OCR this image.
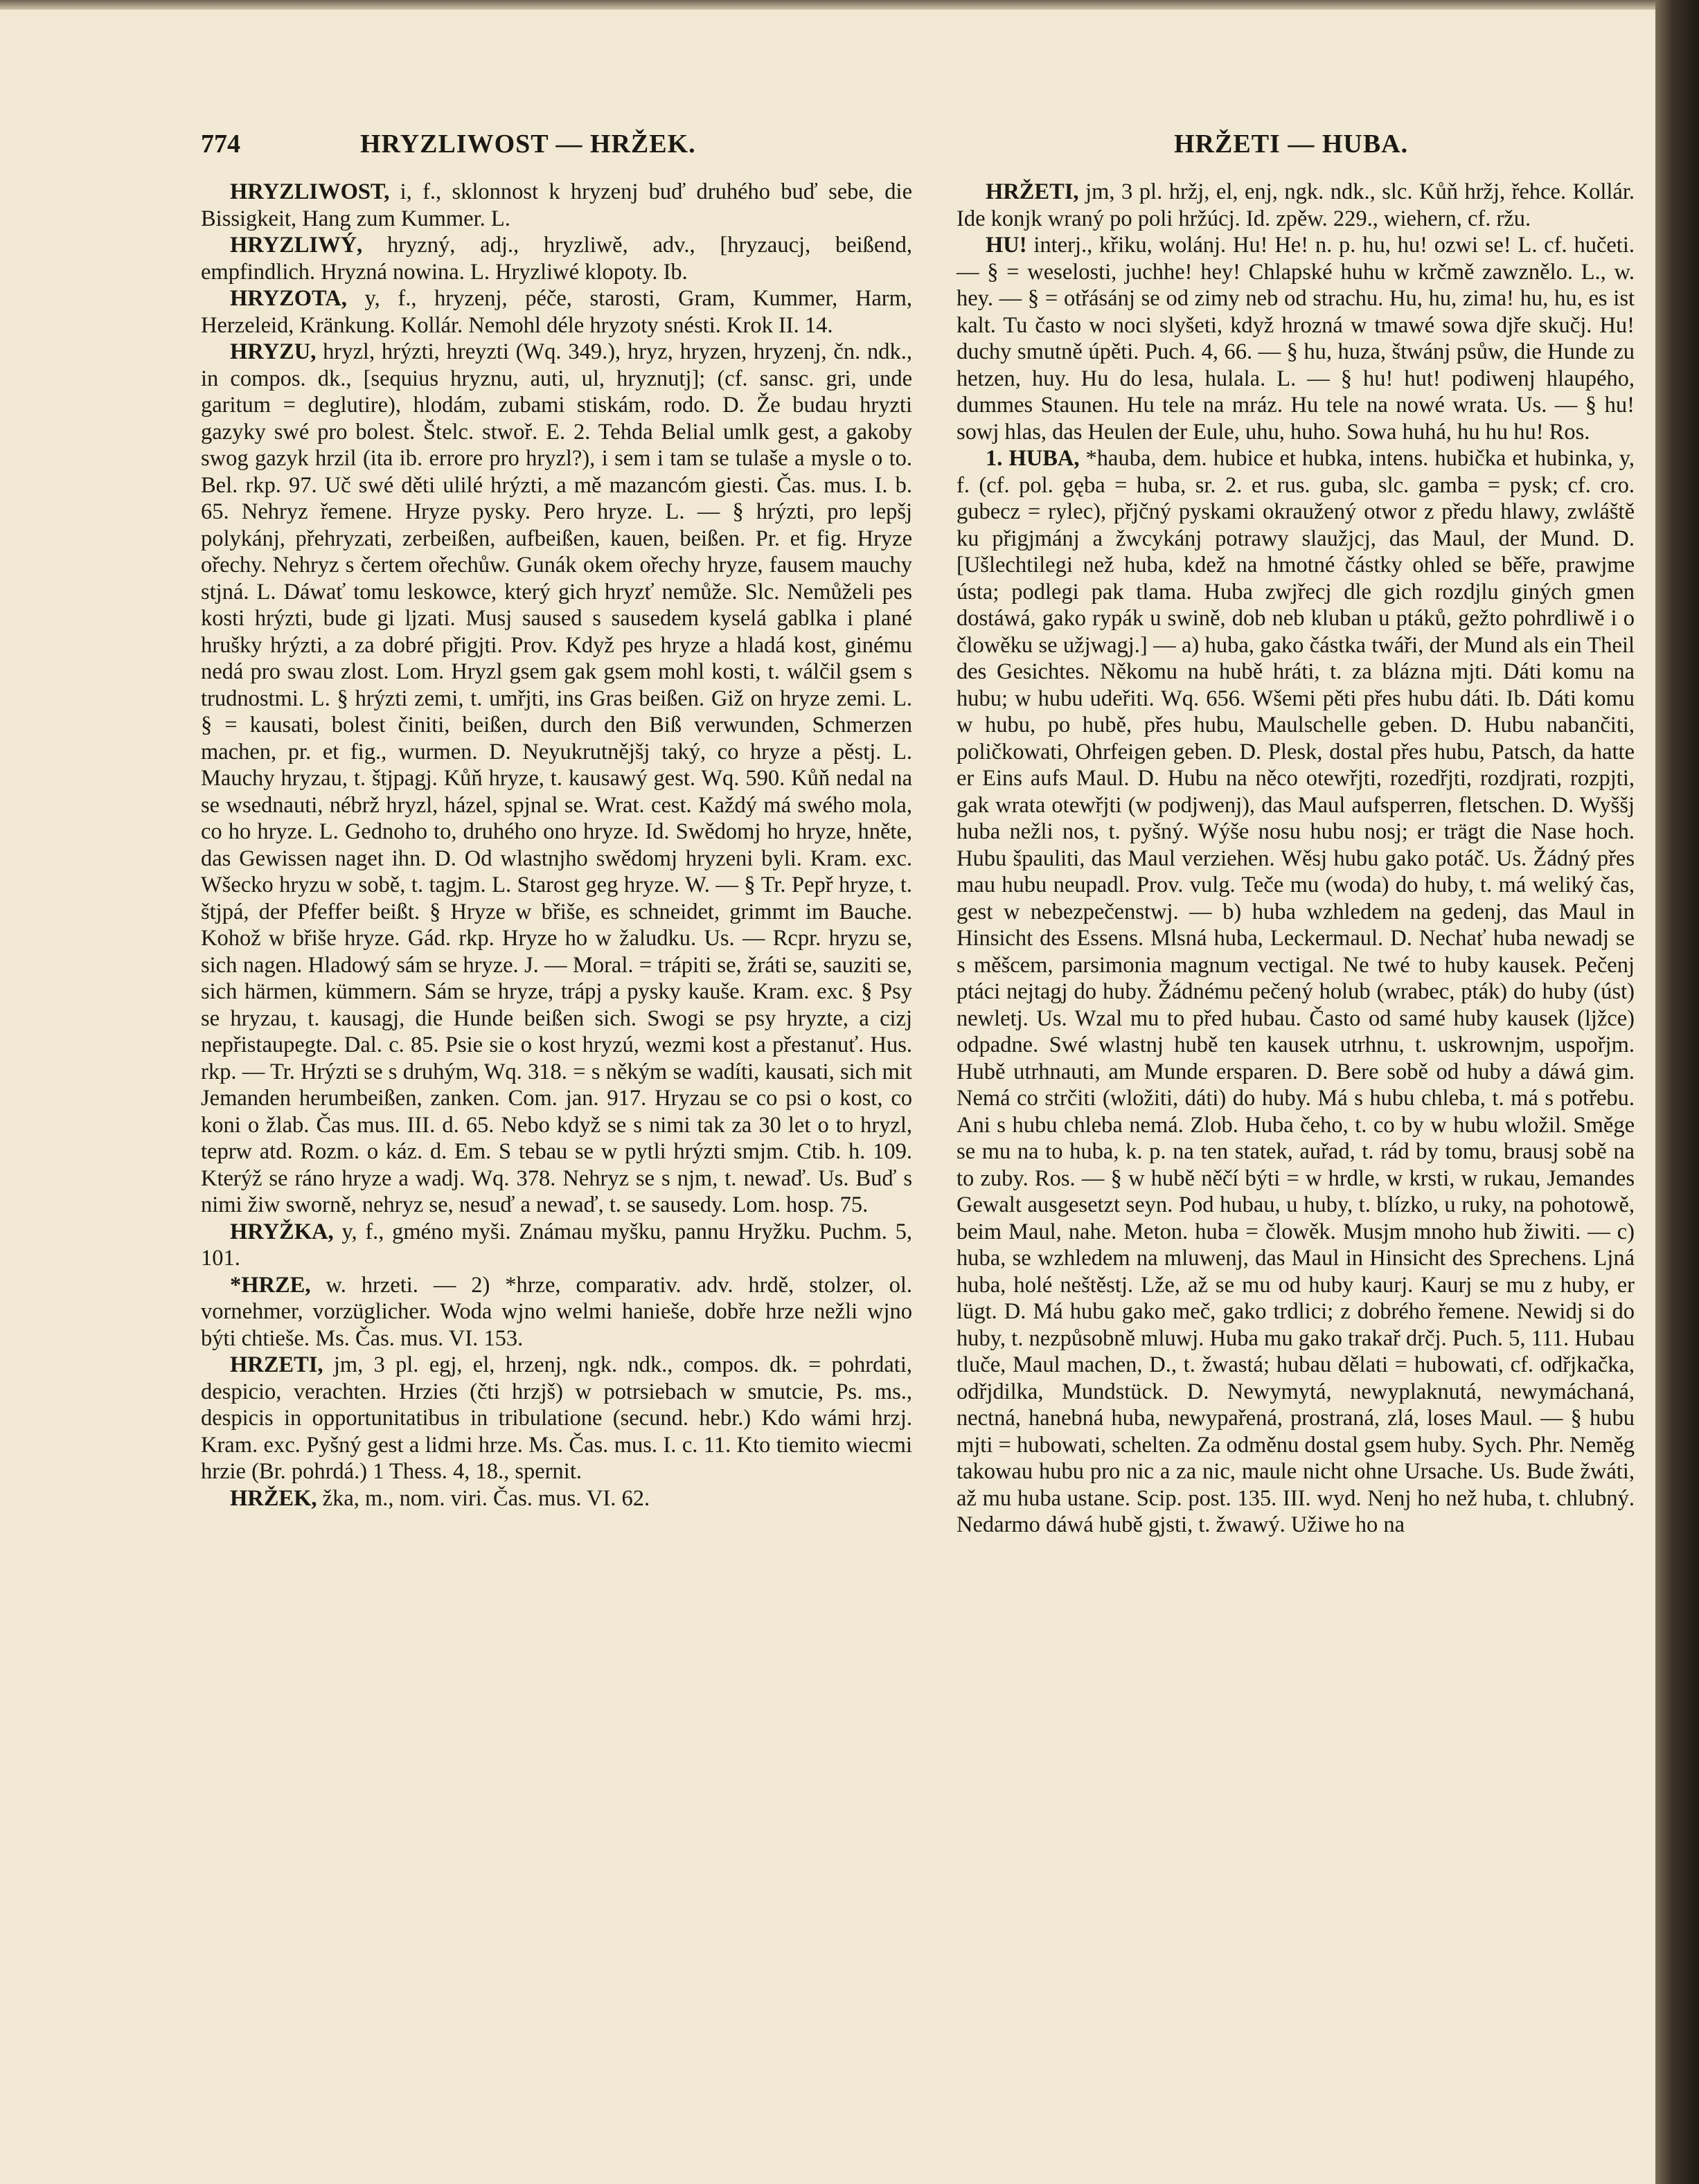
774	HRYZLIWOST — HRŽEK.	HRŽETI — HUBA.

HRYZLIWOST, i, f., sklonnost k hryzenj buď druhého buď sebe, die Bissigkeit, Hang zum Kummer. L.

HRYZLIWÝ, hryzný, adj., hryzliwě, adv., [hryzaucj, beißend, empfindlich. Hryzná nowina. L. Hryzliwé klopoty. Ib.

HRYZOTA, y, f., hryzenj, péče, starosti, Gram, Kummer, Harm, Herzeleid, Kränkung. Kollár. Nemohl déle hryzoty snésti. Krok II. 14.

HRYZU, hryzl, hrýzti, hreyzti (Wq. 349.), hryz, hryzen, hryzenj, čn. ndk., in compos. dk., [sequius hryznu, auti, ul, hryznutj]; (cf. sansc. gri, unde garitum = deglutire), hlodám, zubami stiskám, rodo. D. Že budau hryzti gazyky swé pro bolest. Štelc. stwoř. E. 2. Tehda Belial umlk gest, a gakoby swog gazyk hrzil (ita ib. errore pro hryzl?), i sem i tam se tulaše a mysle o to. Bel. rkp. 97. Uč swé děti ulilé hrýzti, a mě mazancóm giesti. Čas. mus. I. b. 65. Nehryz řemene. Hryze pysky. Pero hryze. L. — § hrýzti, pro lepšj polykánj, přehryzati, zerbeißen, aufbeißen, kauen, beißen. Pr. et fig. Hryze ořechy. Nehryz s čertem ořechůw. Gunák okem ořechy hryze, fausem mauchy stjná. L. Dáwať tomu leskowce, který gich hryzť nemůže. Slc. Nemůželi pes kosti hrýzti, bude gi ljzati. Musj saused s sausedem kyselá gablka i plané hrušky hrýzti, a za dobré přigjti. Prov. Když pes hryze a hladá kost, ginému nedá pro swau zlost. Lom. Hryzl gsem gak gsem mohl kosti, t. wálčil gsem s trudnostmi. L. § hrýzti zemi, t. umřjti, ins Gras beißen. Giž on hryze zemi. L. § = kausati, bolest činiti, beißen, durch den Biß verwunden, Schmerzen machen, pr. et fig., wurmen. D. Neyukrutnějšj taký, co hryze a pěstj. L. Mauchy hryzau, t. štjpagj. Kůň hryze, t. kausawý gest. Wq. 590. Kůň nedal na se wsednauti, nébrž hryzl, házel, spjnal se. Wrat. cest. Každý má swého mola, co ho hryze. L. Gednoho to, druhého ono hryze. Id. Swědomj ho hryze, hněte, das Gewissen naget ihn. D. Od wlastnjho swědomj hryzeni byli. Kram. exc. Wšecko hryzu w sobě, t. tagjm. L. Starost geg hryze. W. — § Tr. Pepř hryze, t. štjpá, der Pfeffer beißt. § Hryze w břiše, es schneidet, grimmt im Bauche. Kohož w břiše hryze. Gád. rkp. Hryze ho w žaludku. Us. — Rcpr. hryzu se, sich nagen. Hladowý sám se hryze. J. — Moral. = trápiti se, žráti se, sauziti se, sich härmen, kümmern. Sám se hryze, trápj a pysky kauše. Kram. exc. § Psy se hryzau, t. kausagj, die Hunde beißen sich. Swogi se psy hryzte, a cizj nepřistaupegte. Dal. c. 85. Psie sie o kost hryzú, wezmi kost a přestanuť. Hus. rkp. — Tr. Hrýzti se s druhým, Wq. 318. = s někým se wadíti, kausati, sich mit Jemanden herumbeißen, zanken. Com. jan. 917. Hryzau se co psi o kost, co koni o žlab. Čas mus. III. d. 65. Nebo když se s nimi tak za 30 let o to hryzl, teprw atd. Rozm. o káz. d. Em. S tebau se w pytli hrýzti smjm. Ctib. h. 109. Kterýž se ráno hryze a wadj. Wq. 378. Nehryz se s njm, t. newaď. Us. Buď s nimi žiw sworně, nehryz se, nesuď a newaď, t. se sausedy. Lom. hosp. 75.

HRYŽKA, y, f., gméno myši. Známau myšku, pannu Hryžku. Puchm. 5, 101.

*HRZE, w. hrzeti. — 2) *hrze, comparativ. adv. hrdě, stolzer, ol. vornehmer, vorzüglicher. Woda wjno welmi hanieše, dobře hrze nežli wjno býti chtieše. Ms. Čas. mus. VI. 153.

HRZETI, jm, 3 pl. egj, el, hrzenj, ngk. ndk., compos. dk. = pohrdati, despicio, verachten. Hrzies (čti hrzjš) w potrsiebach w smutcie, Ps. ms., despicis in opportunitatibus in tribulatione (secund. hebr.) Kdo wámi hrzj. Kram. exc. Pyšný gest a lidmi hrze. Ms. Čas. mus. I. c. 11. Kto tiemito wiecmi hrzie (Br. pohrdá.) 1 Thess. 4, 18., spernit.

HRŽEK, žka, m., nom. viri. Čas. mus. VI. 62.

HRŽETI, jm, 3 pl. hržj, el, enj, ngk. ndk., slc. Kůň hržj, řehce. Kollár. Ide konjk wraný po poli hržúcj. Id. zpěw. 229., wiehern, cf. ržu.

HU! interj., křiku, wolánj. Hu! He! n. p. hu, hu! ozwi se! L. cf. hučeti. — § = weselosti, juchhe! hey! Chlapské huhu w krčmě zawznělo. L., w. hey. — § = otřásánj se od zimy neb od strachu. Hu, hu, zima! hu, hu, es ist kalt. Tu často w noci slyšeti, když hrozná w tmawé sowa djře skučj. Hu! duchy smutně úpěti. Puch. 4, 66. — § hu, huza, štwánj psůw, die Hunde zu hetzen, huy. Hu do lesa, hulala. L. — § hu! hut! podiwenj hlaupého, dummes Staunen. Hu tele na mráz. Hu tele na nowé wrata. Us. — § hu! sowj hlas, das Heulen der Eule, uhu, huho. Sowa huhá, hu hu hu! Ros.

1. HUBA, *hauba, dem. hubice et hubka, intens. hubička et hubinka, y, f. (cf. pol. gęba = huba, sr. 2. et rus. guba, slc. gamba = pysk; cf. cro. gubecz = rylec), přjčný pyskami okraužený otwor z předu hlawy, zwláště ku přigjmánj a žwcykánj potrawy slaužjcj, das Maul, der Mund. D. [Ušlechtilegi než huba, kdež na hmotné částky ohled se běře, prawjme ústa; podlegi pak tlama. Huba zwjřecj dle gich rozdjlu giných gmen dostáwá, gako rypák u swině, dob neb kluban u ptáků, gežto pohrdliwě i o člowěku se užjwagj.] — a) huba, gako částka twáři, der Mund als ein Theil des Gesichtes. Někomu na hubě hráti, t. za blázna mjti. Dáti komu na hubu; w hubu udeřiti. Wq. 656. Wšemi pěti přes hubu dáti. Ib. Dáti komu w hubu, po hubě, přes hubu, Maulschelle geben. D. Hubu nabančiti, poličkowati, Ohrfeigen geben. D. Plesk, dostal přes hubu, Patsch, da hatte er Eins aufs Maul. D. Hubu na něco otewřjti, rozedřjti, rozdjrati, rozpjti, gak wrata otewřjti (w podjwenj), das Maul aufsperren, fletschen. D. Wyššj huba nežli nos, t. pyšný. Wýše nosu hubu nosj; er trägt die Nase hoch. Hubu špauliti, das Maul verziehen. Wěsj hubu gako potáč. Us. Žádný přes mau hubu neupadl. Prov. vulg. Teče mu (woda) do huby, t. má weliký čas, gest w nebezpečenstwj. — b) huba wzhledem na gedenj, das Maul in Hinsicht des Essens. Mlsná huba, Leckermaul. D. Nechať huba newadj se s měšcem, parsimonia magnum vectigal. Ne twé to huby kausek. Pečenj ptáci nejtagj do huby. Žádnému pečený holub (wrabec, pták) do huby (úst) newletj. Us. Wzal mu to před hubau. Často od samé huby kausek (ljžce) odpadne. Swé wlastnj hubě ten kausek utrhnu, t. uskrownjm, uspořjm. Hubě utrhnauti, am Munde ersparen. D. Bere sobě od huby a dáwá gim. Nemá co strčiti (wložiti, dáti) do huby. Má s hubu chleba, t. má s potřebu. Ani s hubu chleba nemá. Zlob. Huba čeho, t. co by w hubu wložil. Směge se mu na to huba, k. p. na ten statek, auřad, t. rád by tomu, brausj sobě na to zuby. Ros. — § w hubě něčí býti = w hrdle, w krsti, w rukau, Jemandes Gewalt ausgesetzt seyn. Pod hubau, u huby, t. blízko, u ruky, na pohotowě, beim Maul, nahe. Meton. huba = člowěk. Musjm mnoho hub žiwiti. — c) huba, se wzhledem na mluwenj, das Maul in Hinsicht des Sprechens. Ljná huba, holé neštěstj. Lže, až se mu od huby kaurj. Kaurj se mu z huby, er lügt. D. Má hubu gako meč, gako trdlici; z dobrého řemene. Newidj si do huby, t. nezpůsobně mluwj. Huba mu gako trakař drčj. Puch. 5, 111. Hubau tluče, Maul machen, D., t. žwastá; hubau dělati = hubowati, cf. odřjkačka, odřjdilka, Mundstück. D. Newymytá, newyplaknutá, newymáchaná, nectná, hanebná huba, newypařená, prostraná, zlá, loses Maul. — § hubu mjti = hubowati, schelten. Za odměnu dostal gsem huby. Sych. Phr. Neměg takowau hubu pro nic a za nic, maule nicht ohne Ursache. Us. Bude žwáti, až mu huba ustane. Scip. post. 135. III. wyd. Nenj ho než huba, t. chlubný. Nedarmo dáwá hubě gjsti, t. žwawý. Užiwe ho na
